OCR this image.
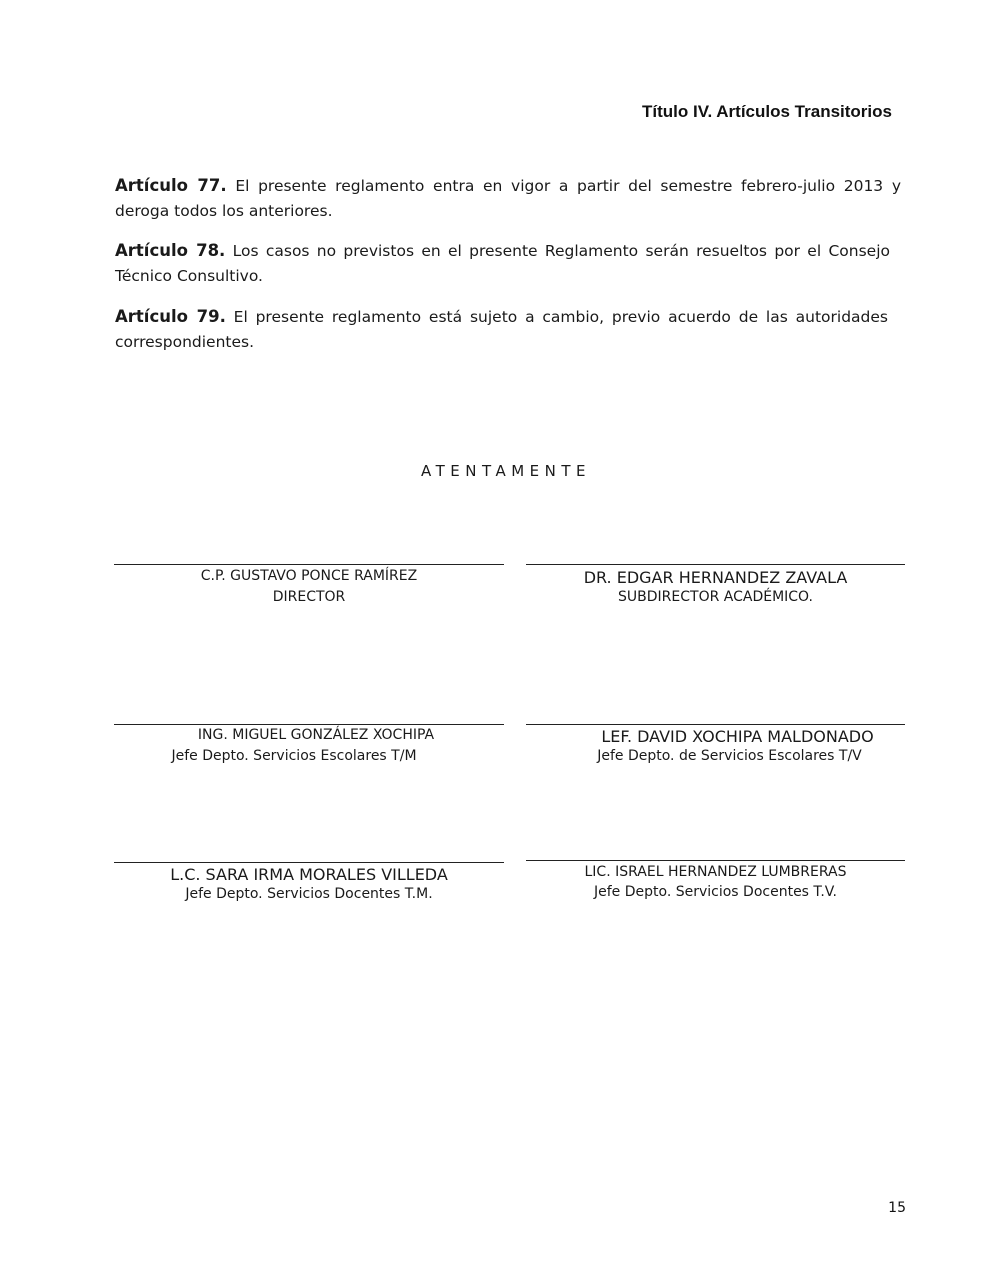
Título IV. Artículos Transitorios

Artículo 77. El presente reglamento entra en vigor a partir del semestre febrero-julio 2013 y deroga todos los anteriores.

Artículo 78. Los casos no previstos en el presente Reglamento serán resueltos por el Consejo Técnico Consultivo.

Artículo 79. El presente reglamento está sujeto a cambio, previo acuerdo de las autoridades correspondientes.

ATENTAMENTE
C.P. GUSTAVO PONCE RAMÍREZ
DIRECTOR
DR. EDGAR HERNANDEZ ZAVALA
SUBDIRECTOR ACADÉMICO.
ING. MIGUEL GONZÁLEZ XOCHIPA
Jefe Depto. Servicios Escolares T/M
LEF. DAVID XOCHIPA MALDONADO
Jefe Depto. de Servicios Escolares T/V
L.C. SARA IRMA MORALES VILLEDA
Jefe Depto. Servicios Docentes T.M.
LIC. ISRAEL HERNANDEZ LUMBRERAS
Jefe Depto. Servicios Docentes T.V.
15
